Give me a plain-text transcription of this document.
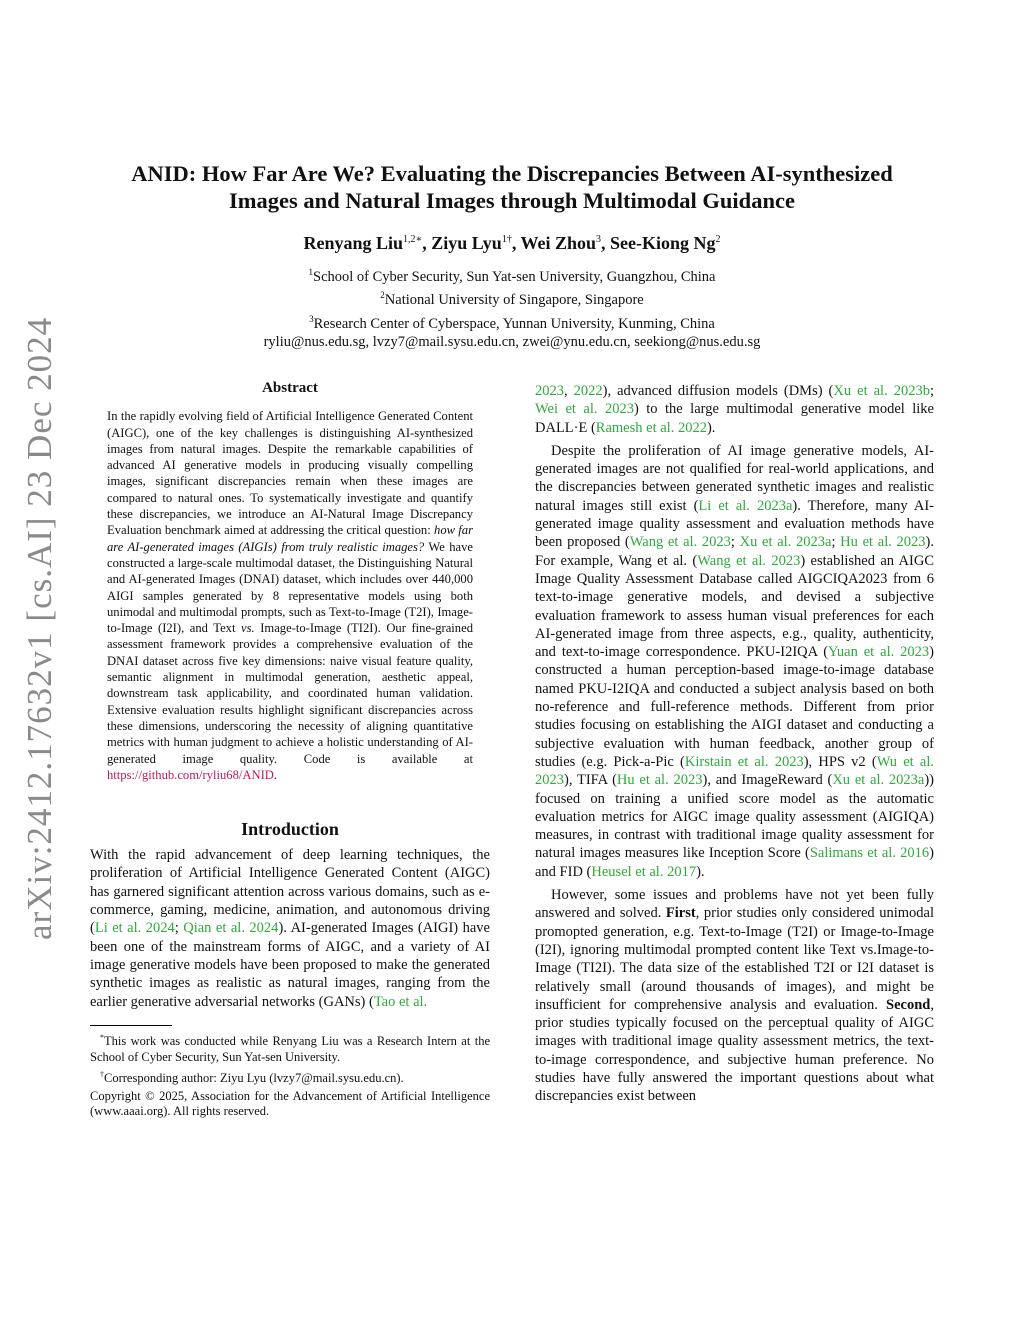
arXiv:2412.17632v1 [cs.AI] 23 Dec 2024
ANID: How Far Are We? Evaluating the Discrepancies Between AI-synthesized
Images and Natural Images through Multimodal Guidance
Renyang Liu$^{1,2∗}$, Ziyu Lyu$^{1\dagger}$, Wei Zhou$^3$, See-Kiong Ng$^2$
$^1$School of Cyber Security, Sun Yat-sen University, Guangzhou, China
$^2$National University of Singapore, Singapore
$^3$Research Center of Cyberspace, Yunnan University, Kunming, China
ryliu@nus.edu.sg, lvzy7@mail.sysu.edu.cn, zwei@ynu.edu.cn, seekiong@nus.edu.sg
Abstract

In the rapidly evolving field of Artificial Intelligence Generated Content (AIGC), one of the key challenges is distinguishing AI-synthesized images from natural images. Despite the remarkable capabilities of advanced AI generative models in producing visually compelling images, significant discrepancies remain when these images are compared to natural ones. To systematically investigate and quantify these discrepancies, we introduce an AI-Natural Image Discrepancy Evaluation benchmark aimed at addressing the critical question: how far are AI-generated images (AIGIs) from truly realistic images? We have constructed a large-scale multimodal dataset, the Distinguishing Natural and AI-generated Images (DNAI) dataset, which includes over 440,000 AIGI samples generated by 8 representative models using both unimodal and multimodal prompts, such as Text-to-Image (T2I), Image-to-Image (I2I), and Text vs. Image-to-Image (TI2I). Our fine-grained assessment framework provides a comprehensive evaluation of the DNAI dataset across five key dimensions: naive visual feature quality, semantic alignment in multimodal generation, aesthetic appeal, downstream task applicability, and coordinated human validation. Extensive evaluation results highlight significant discrepancies across these dimensions, underscoring the necessity of aligning quantitative metrics with human judgment to achieve a holistic understanding of AI-generated image quality. Code is available at https://github.com/ryliu68/ANID.

Introduction

With the rapid advancement of deep learning techniques, the proliferation of Artificial Intelligence Generated Content (AIGC) has garnered significant attention across various domains, such as e-commerce, gaming, medicine, animation, and autonomous driving (Li et al. 2024; Qian et al. 2024). AI-generated Images (AIGI) have been one of the mainstream forms of AIGC, and a variety of AI image generative models have been proposed to make the generated synthetic images as realistic as natural images, ranging from the earlier generative adversarial networks (GANs) (Tao et al.

*This work was conducted while Renyang Liu was a Research Intern at the School of Cyber Security, Sun Yat-sen University.

†Corresponding author: Ziyu Lyu (lvzy7@mail.sysu.edu.cn).

Copyright © 2025, Association for the Advancement of Artificial Intelligence (www.aaai.org). All rights reserved.

2023, 2022), advanced diffusion models (DMs) (Xu et al. 2023b; Wei et al. 2023) to the large multimodal generative model like DALL·E (Ramesh et al. 2022).

Despite the proliferation of AI image generative models, AI-generated images are not qualified for real-world applications, and the discrepancies between generated synthetic images and realistic natural images still exist (Li et al. 2023a). Therefore, many AI-generated image quality assessment and evaluation methods have been proposed (Wang et al. 2023; Xu et al. 2023a; Hu et al. 2023). For example, Wang et al. (Wang et al. 2023) established an AIGC Image Quality Assessment Database called AIGCIQA2023 from 6 text-to-image generative models, and devised a subjective evaluation framework to assess human visual preferences for each AI-generated image from three aspects, e.g., quality, authenticity, and text-to-image correspondence. PKU-I2IQA (Yuan et al. 2023) constructed a human perception-based image-to-image database named PKU-I2IQA and conducted a subject analysis based on both no-reference and full-reference methods. Different from prior studies focusing on establishing the AIGI dataset and conducting a subjective evaluation with human feedback, another group of studies (e.g. Pick-a-Pic (Kirstain et al. 2023), HPS v2 (Wu et al. 2023), TIFA (Hu et al. 2023), and ImageReward (Xu et al. 2023a)) focused on training a unified score model as the automatic evaluation metrics for AIGC image quality assessment (AIGIQA) measures, in contrast with traditional image quality assessment for natural images measures like Inception Score (Salimans et al. 2016) and FID (Heusel et al. 2017).

However, some issues and problems have not yet been fully answered and solved. First, prior studies only considered unimodal promopted generation, e.g. Text-to-Image (T2I) or Image-to-Image (I2I), ignoring multimodal prompted content like Text vs.Image-to-Image (TI2I). The data size of the established T2I or I2I dataset is relatively small (around thousands of images), and might be insufficient for comprehensive analysis and evaluation. Second, prior studies typically focused on the perceptual quality of AIGC images with traditional image quality assessment metrics, the text-to-image correspondence, and subjective human preference. No studies have fully answered the important questions about what discrepancies exist between
